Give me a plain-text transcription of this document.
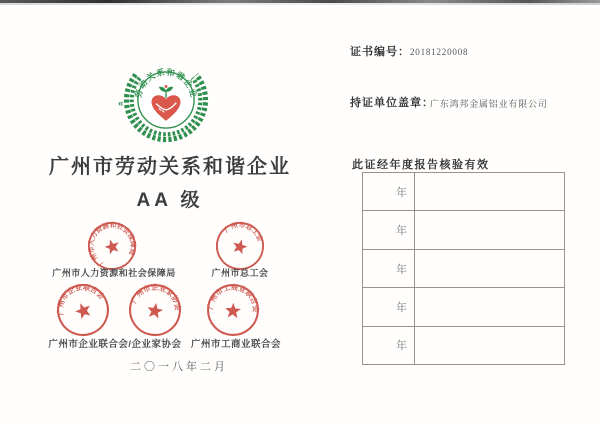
«	»
劳动关系和谐企业
广州市劳动关系和谐企业
AA 级
广州市人力资源和社会保障局
广州市总工会
广州市人力资源和社会保障局	广州市总工会
广州市企业联合会	广州市企业家协会	广州市工商业联合会
广州市企业联合会/企业家协会 广州市工商业联合会
二〇一八年二月
证书编号： 20181220008
持证单位盖章：
广东鸿邦金属铝业有限公司
此证经年度报告核验有效
年
年
年
年
年
